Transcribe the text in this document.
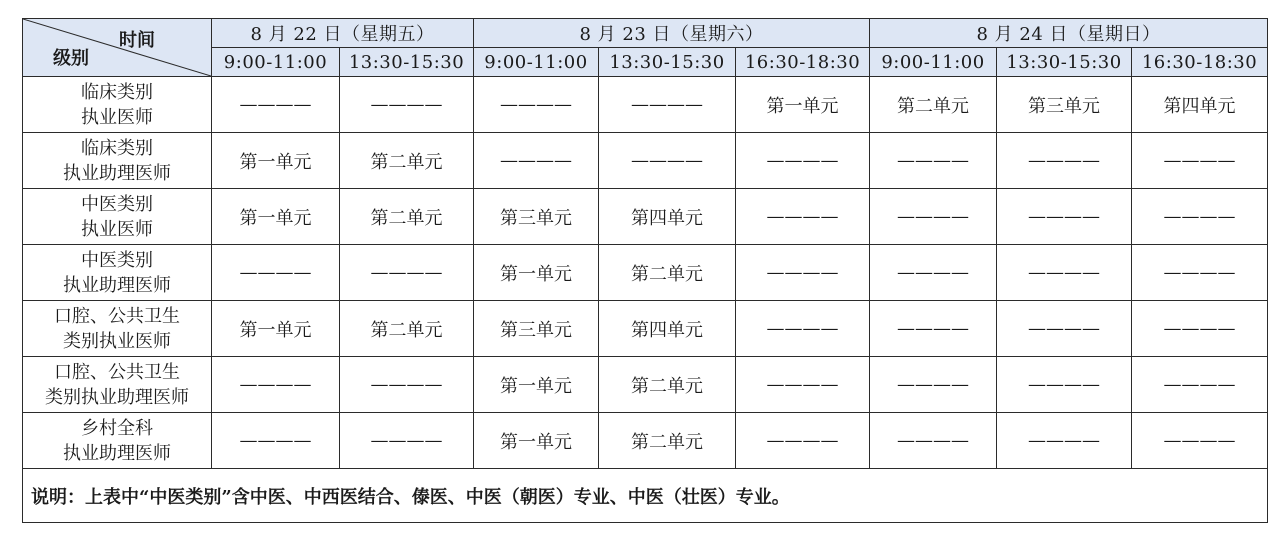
时间
级别	8 月 22 日（星期五）		8 月 23 日（星期六）			8 月 24 日（星期日）		
	9:00-11:00	13:30-15:30	9:00-11:00	13:30-15:30	16:30-18:30	9:00-11:00	13:30-15:30	16:30-18:30

临床类别
执业医师	————	————	————	————	第一单元	第二单元	第三单元	第四单元

临床类别
执业助理医师	第一单元	第二单元	————	————	————	————	————	————

中医类别
执业医师	第一单元	第二单元	第三单元	第四单元	————	————	————	————

中医类别
执业助理医师	————	————	第一单元	第二单元	————	————	————	————

口腔、公共卫生
类别执业医师	第一单元	第二单元	第三单元	第四单元	————	————	————	————

口腔、公共卫生
类别执业助理医师	————	————	第一单元	第二单元	————	————	————	————

乡村全科
执业助理医师	————	————	第一单元	第二单元	————	————	————	————
说明：上表中“中医类别”含中医、中西医结合、傣医、中医（朝医）专业、中医（壮医）专业。								
